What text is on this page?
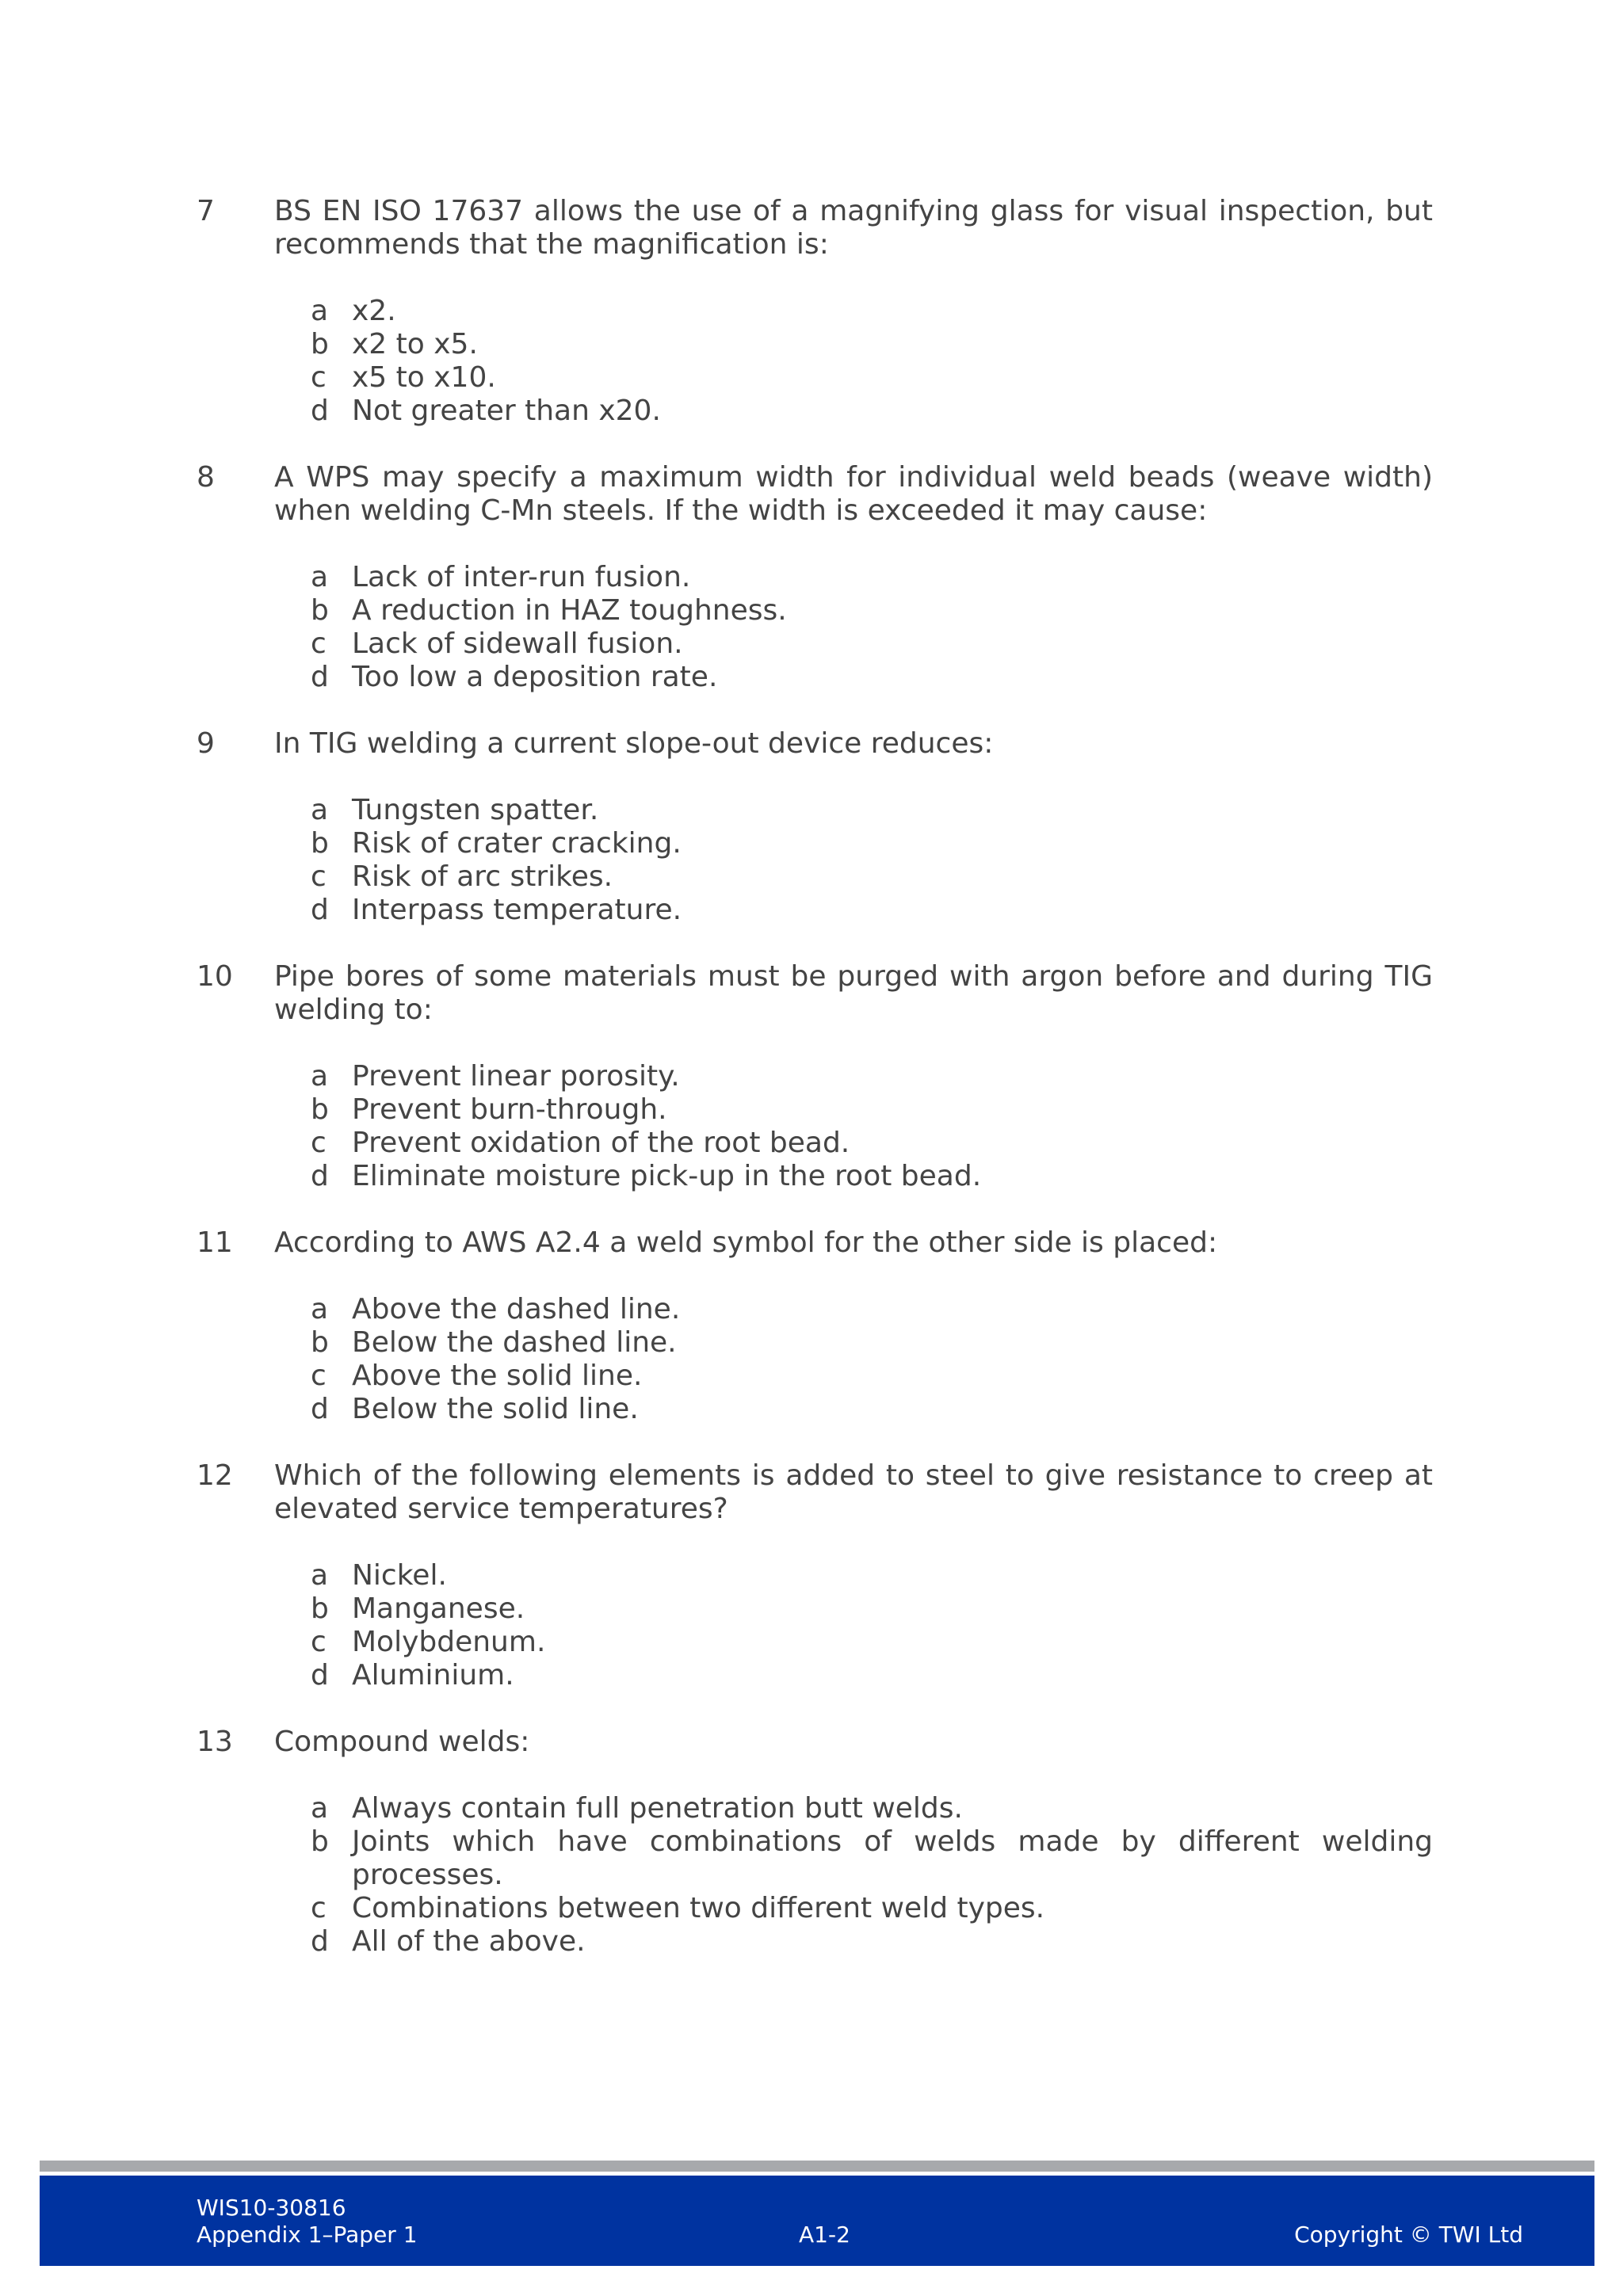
7 BS EN ISO 17637 allows the use of a magnifying glass for visual inspection, but recommends that the magnification is:

a x2.
b x2 to x5.
c x5 to x10.
d Not greater than x20.
8 A WPS may specify a maximum width for individual weld beads (weave width) when welding C-Mn steels. If the width is exceeded it may cause:

a Lack of inter-run fusion.
b A reduction in HAZ toughness.
c Lack of sidewall fusion.
d Too low a deposition rate.
9 In TIG welding a current slope-out device reduces:

a Tungsten spatter.
b Risk of crater cracking.
c Risk of arc strikes.
d Interpass temperature.
10 Pipe bores of some materials must be purged with argon before and during TIG welding to:

a Prevent linear porosity.
b Prevent burn-through.
c Prevent oxidation of the root bead.
d Eliminate moisture pick-up in the root bead.
11 According to AWS A2.4 a weld symbol for the other side is placed:

a Above the dashed line.
b Below the dashed line.
c Above the solid line.
d Below the solid line.
12 Which of the following elements is added to steel to give resistance to creep at elevated service temperatures?

a Nickel.
b Manganese.
c Molybdenum.
d Aluminium.
13 Compound welds:

a Always contain full penetration butt welds.
b Joints which have combinations of welds made by different welding processes.
c Combinations between two different weld types.
d All of the above.
WIS10-30816
Appendix 1–Paper 1	A1-2	Copyright © TWI Ltd
